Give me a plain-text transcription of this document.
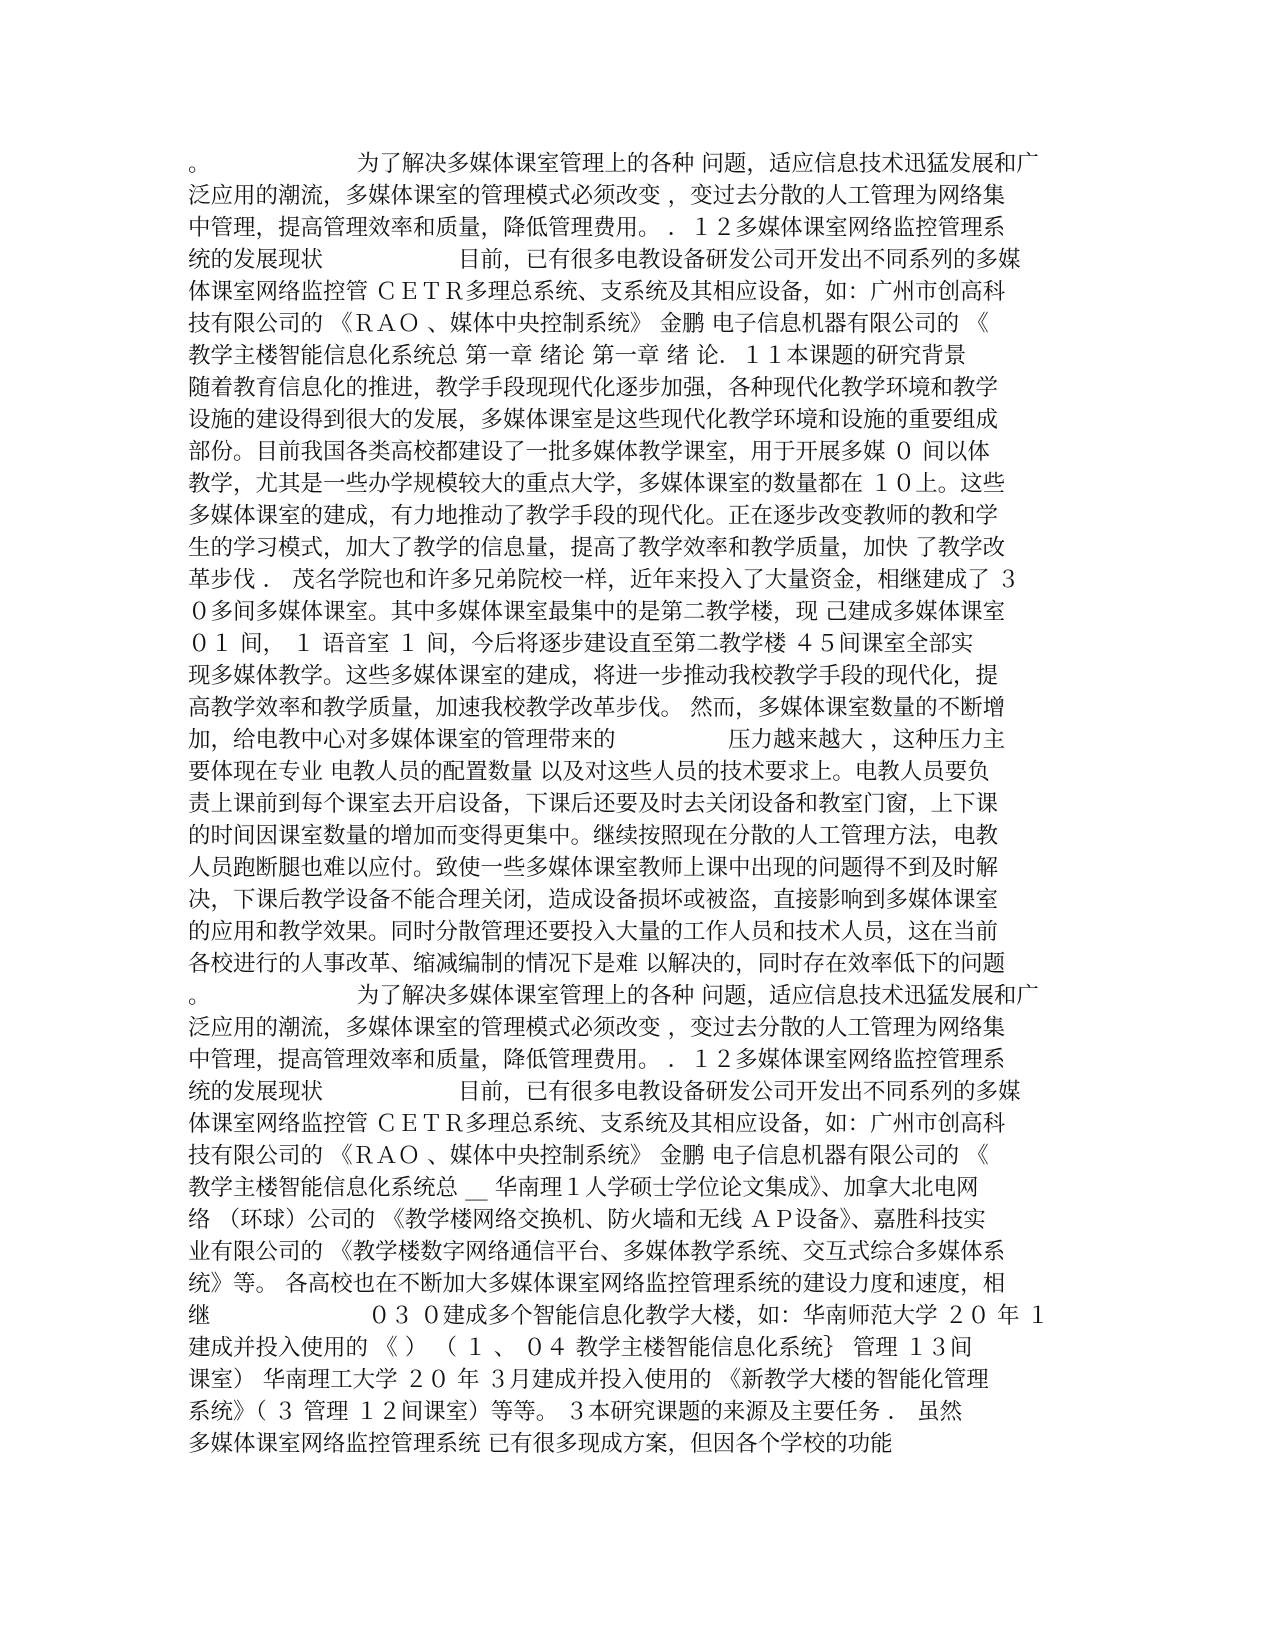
。　　　　　　　为了解决多媒体课室管理上的各种 问题，适应信息技术迅猛发展和广
泛应用的潮流，多媒体课室的管理模式必须改变 ，变过去分散的人工管理为网络集
中管理，提高管理效率和质量，降低管理费用。 ．１２多媒体课室网络监控管理系
统的发展现状　　　　　　目前，已有很多电教设备研发公司开发出不同系列的多媒
体课室网络监控管 ＣＥＴＲ多理总系统、支系统及其相应设备，如：广州市创高科
技有限公司的 《ＲＡＯ 、媒体中央控制系统》 金鹏 电子信息机器有限公司的 《
教学主楼智能信息化系统总 第一章 绪论 第一章 绪 论．１１本课题的研究背景
随着教育信息化的推进，教学手段现现代化逐步加强，各种现代化教学环境和教学
设施的建设得到很大的发展，多媒体课室是这些现代化教学环境和设施的重要组成
部份。目前我国各类高校都建设了一批多媒体教学课室，用于开展多媒 ０ 间以体
教学，尤其是一些办学规模较大的重点大学，多媒体课室的数量都在 １０上。这些
多媒体课室的建成，有力地推动了教学手段的现代化。正在逐步改变教师的教和学
生的学习模式，加大了教学的信息量，提高了教学效率和教学质量，加快 了教学改
革步伐 ． 茂名学院也和许多兄弟院校一样，近年来投入了大量资金，相继建成了 ３
０多间多媒体课室。其中多媒体课室最集中的是第二教学楼，现 己建成多媒体课室
０１ 间， １ 语音室 １ 间，今后将逐步建设直至第二教学楼 ４５间课室全部实
现多媒体教学。这些多媒体课室的建成，将进一步推动我校教学手段的现代化，提
高教学效率和教学质量，加速我校教学改革步伐。 然而，多媒体课室数量的不断增
加，给电教中心对多媒体课室的管理带来的　　　　　压力越来越大 ，这种压力主
要体现在专业 电教人员的配置数量 以及对这些人员的技术要求上。电教人员要负
责上课前到每个课室去开启设备，下课后还要及时去关闭设备和教室门窗，上下课
的时间因课室数量的增加而变得更集中。继续按照现在分散的人工管理方法，电教
人员跑断腿也难以应付。致使一些多媒体课室教师上课中出现的问题得不到及时解
决，下课后教学设备不能合理关闭，造成设备损坏或被盗，直接影响到多媒体课室
的应用和教学效果。同时分散管理还要投入大量的工作人员和技术人员，这在当前
各校进行的人事改革、缩减编制的情况下是难 以解决的，同时存在效率低下的问题
。　　　　　　　为了解决多媒体课室管理上的各种 问题，适应信息技术迅猛发展和广
泛应用的潮流，多媒体课室的管理模式必须改变 ，变过去分散的人工管理为网络集
中管理，提高管理效率和质量，降低管理费用。 ．１２多媒体课室网络监控管理系
统的发展现状　　　　　　目前，已有很多电教设备研发公司开发出不同系列的多媒
体课室网络监控管 ＣＥＴＲ多理总系统、支系统及其相应设备，如：广州市创高科
技有限公司的 《ＲＡＯ 、媒体中央控制系统》 金鹏 电子信息机器有限公司的 《
教学主楼智能信息化系统总 __ 华南理１人学硕士学位论文集成》、加拿大北电网
络 （环球）公司的 《教学楼网络交换机、防火墙和无线 ＡＰ设备》、嘉胜科技实
业有限公司的 《教学楼数字网络通信平台、多媒体教学系统、交互式综合多媒体系
统》等。 各高校也在不断加大多媒体课室网络监控管理系统的建设力度和速度，相
继　　　　　　　０３ ０建成多个智能信息化教学大楼，如：华南师范大学 ２０ 年 １
建成并投入使用的 《 ） （ １ 、 ０４ 教学主楼智能信息化系统｝ 管理 １３间
课室） 华南理工大学 ２０ 年 ３月建成并投入使用的 《新教学大楼的智能化管理
系统》（ ３ 管理 １２间课室）等等。 ３本研究课题的来源及主要任务 ． 虽然
多媒体课室网络监控管理系统 已有很多现成方案，但因各个学校的功能
